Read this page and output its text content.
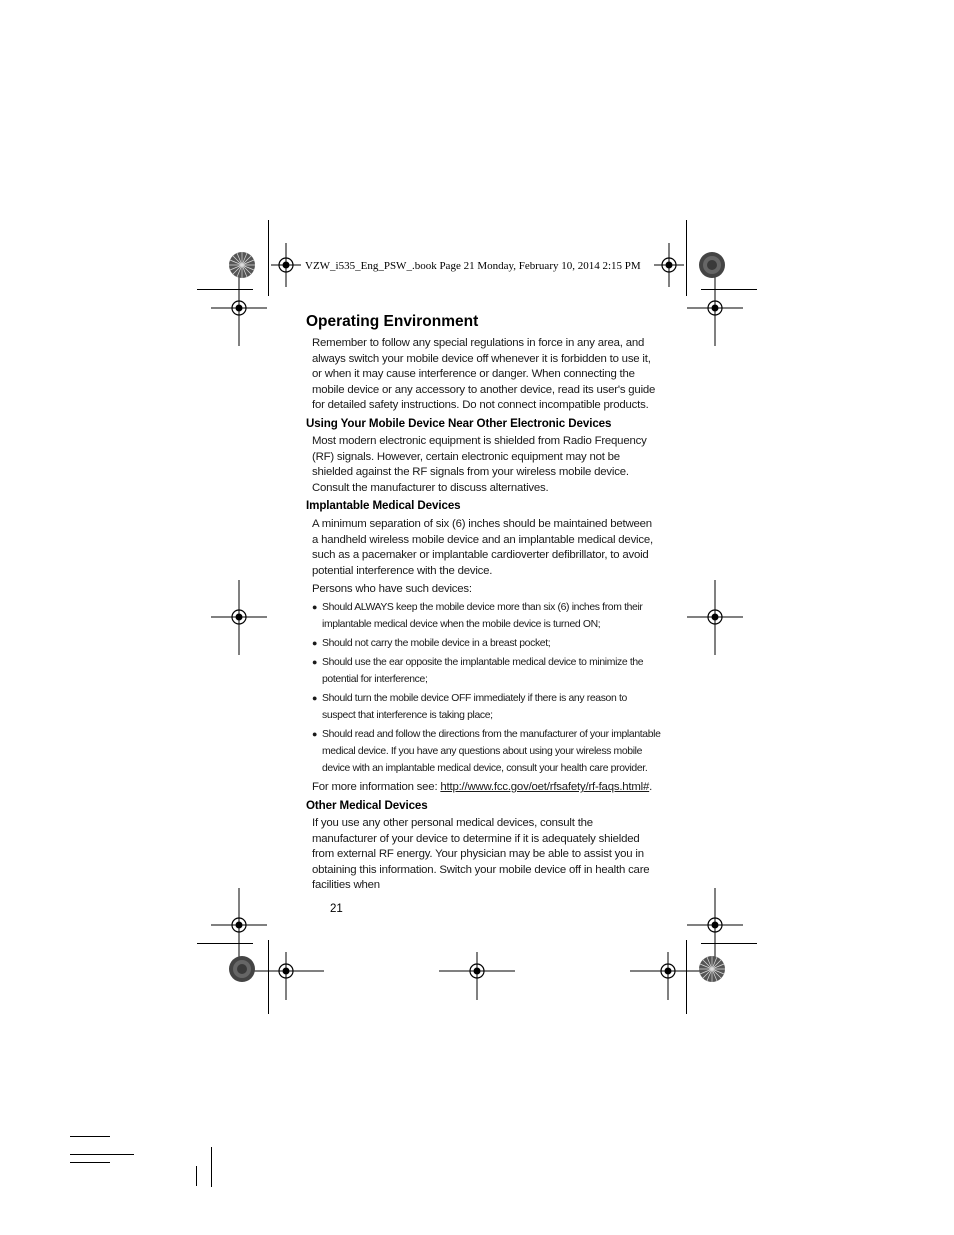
VZW_i535_Eng_PSW_.book Page 21 Monday, February 10, 2014 2:15 PM
Operating Environment

Remember to follow any special regulations in force in any area, and always switch your mobile device off whenever it is forbidden to use it, or when it may cause interference or danger. When connecting the mobile device or any accessory to another device, read its user's guide for detailed safety instructions. Do not connect incompatible products.

Using Your Mobile Device Near Other Electronic Devices

Most modern electronic equipment is shielded from Radio Frequency (RF) signals. However, certain electronic equipment may not be shielded against the RF signals from your wireless mobile device. Consult the manufacturer to discuss alternatives.

Implantable Medical Devices

A minimum separation of six (6) inches should be maintained between a handheld wireless mobile device and an implantable medical device, such as a pacemaker or implantable cardioverter defibrillator, to avoid potential interference with the device.

Persons who have such devices:

● Should ALWAYS keep the mobile device more than six (6) inches from their implantable medical device when the mobile device is turned ON;
● Should not carry the mobile device in a breast pocket;
● Should use the ear opposite the implantable medical device to minimize the potential for interference;
● Should turn the mobile device OFF immediately if there is any reason to suspect that interference is taking place;
● Should read and follow the directions from the manufacturer of your implantable medical device. If you have any questions about using your wireless mobile device with an implantable medical device, consult your health care provider.

For more information see: http://www.fcc.gov/oet/rfsafety/rf-faqs.html#.

Other Medical Devices

If you use any other personal medical devices, consult the manufacturer of your device to determine if it is adequately shielded from external RF energy. Your physician may be able to assist you in obtaining this information. Switch your mobile device off in health care facilities when

21
